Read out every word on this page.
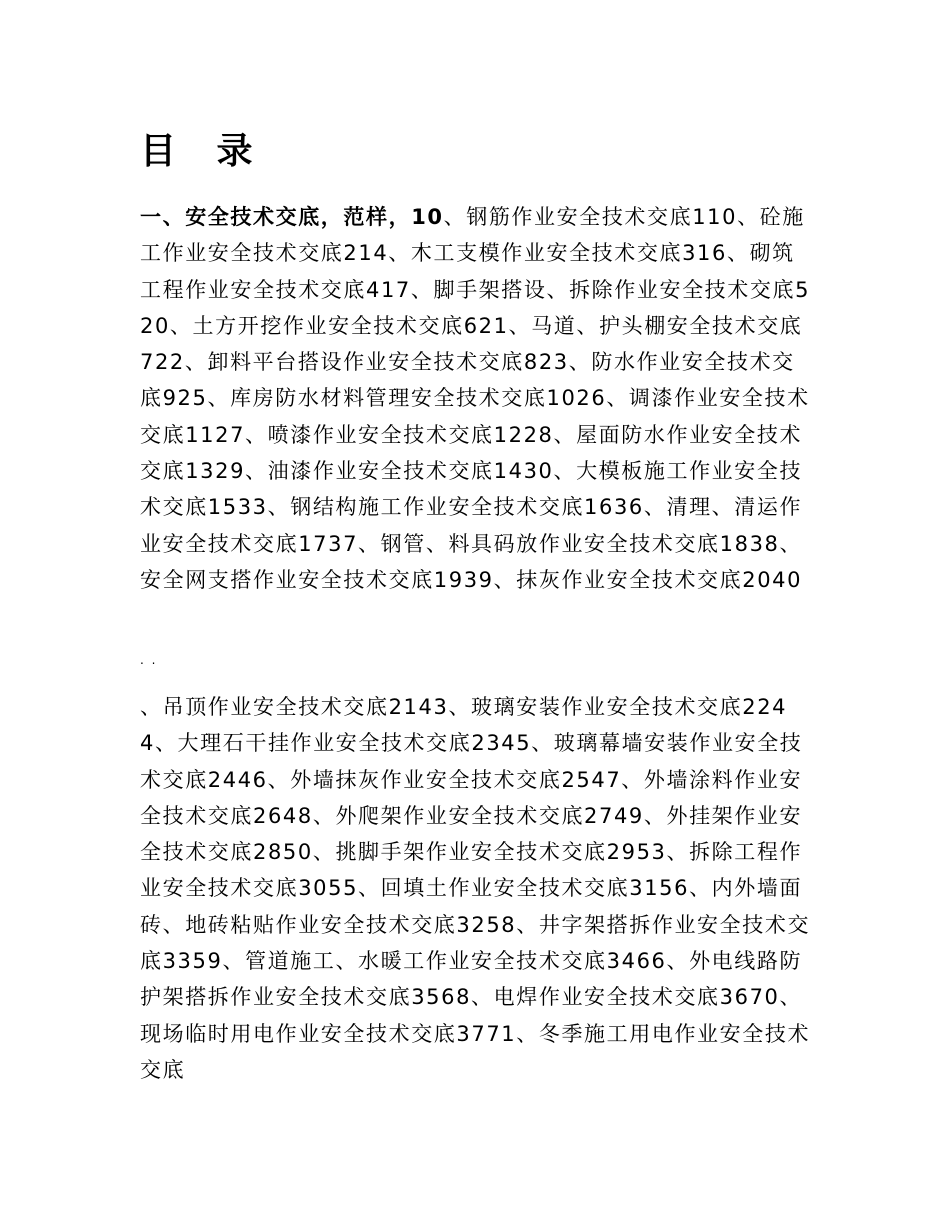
目 录

一、安全技术交底，范样，10、钢筋作业安全技术交底110、砼施工作业安全技术交底214、木工支模作业安全技术交底316、砌筑工程作业安全技术交底417、脚手架搭设、拆除作业安全技术交底520、土方开挖作业安全技术交底621、马道、护头棚安全技术交底722、卸料平台搭设作业安全技术交底823、防水作业安全技术交底925、库房防水材料管理安全技术交底1026、调漆作业安全技术交底1127、喷漆作业安全技术交底1228、屋面防水作业安全技术交底1329、油漆作业安全技术交底1430、大模板施工作业安全技术交底1533、钢结构施工作业安全技术交底1636、清理、清运作业安全技术交底1737、钢管、料具码放作业安全技术交底1838、安全网支搭作业安全技术交底1939、抹灰作业安全技术交底2040

. .

、吊顶作业安全技术交底2143、玻璃安装作业安全技术交底2244、大理石干挂作业安全技术交底2345、玻璃幕墙安装作业安全技术交底2446、外墙抹灰作业安全技术交底2547、外墙涂料作业安全技术交底2648、外爬架作业安全技术交底2749、外挂架作业安全技术交底2850、挑脚手架作业安全技术交底2953、拆除工程作业安全技术交底3055、回填土作业安全技术交底3156、内外墙面砖、地砖粘贴作业安全技术交底3258、井字架搭拆作业安全技术交底3359、管道施工、水暖工作业安全技术交底3466、外电线路防护架搭拆作业安全技术交底3568、电焊作业安全技术交底3670、现场临时用电作业安全技术交底3771、冬季施工用电作业安全技术交底
